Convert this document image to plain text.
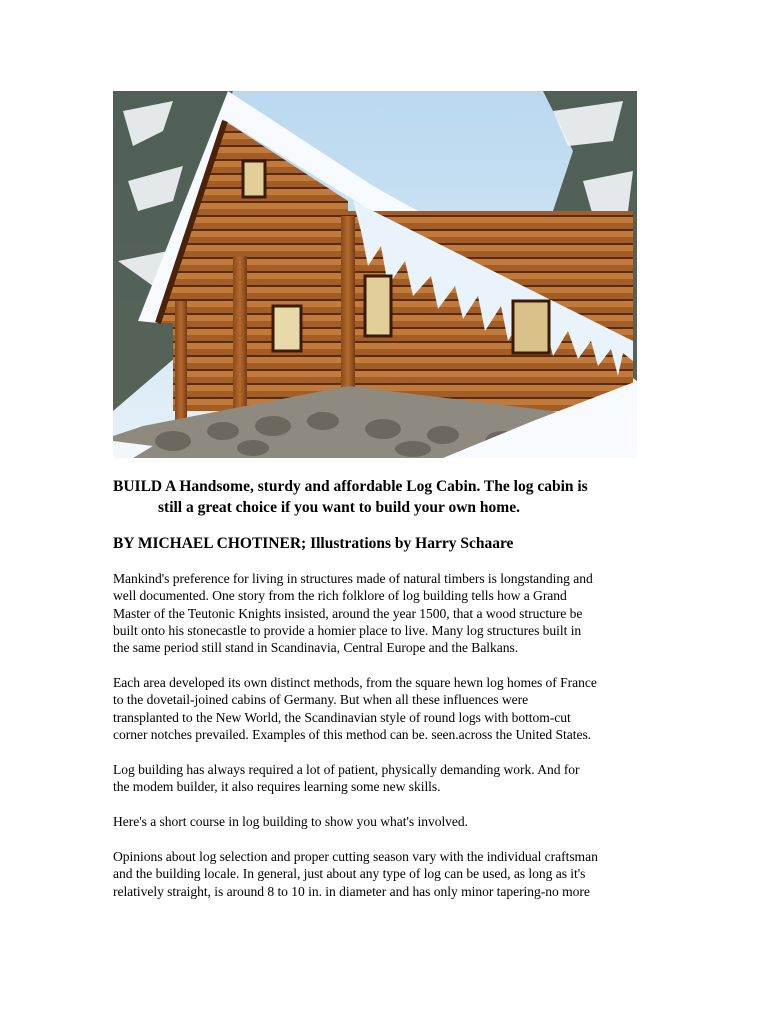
BUILD A Handsome, sturdy and affordable Log Cabin. The log cabin is
still a great choice if you want to build your own home.

BY MICHAEL CHOTINER; Illustrations by Harry Schaare

Mankind's preference for living in structures made of natural timbers is longstanding and
well documented. One story from the rich folklore of log building tells how a Grand
Master of the Teutonic Knights insisted, around the year 1500, that a wood structure be
built onto his stonecastle to provide a homier place to live. Many log structures built in
the same period still stand in Scandinavia, Central Europe and the Balkans.
Each area developed its own distinct methods, from the square hewn log homes of France
to the dovetail-joined cabins of Germany. But when all these influences were
transplanted to the New World, the Scandinavian style of round logs with bottom-cut
corner notches prevailed. Examples of this method can be. seen.across the United States.
Log building has always required a lot of patient, physically demanding work. And for
the modem builder, it also requires learning some new skills.
Here's a short course in log building to show you what's involved.
Opinions about log selection and proper cutting season vary with the individual craftsman
and the building locale. In general, just about any type of log can be used, as long as it's
relatively straight, is around 8 to 10 in. in diameter and has only minor tapering-no more
